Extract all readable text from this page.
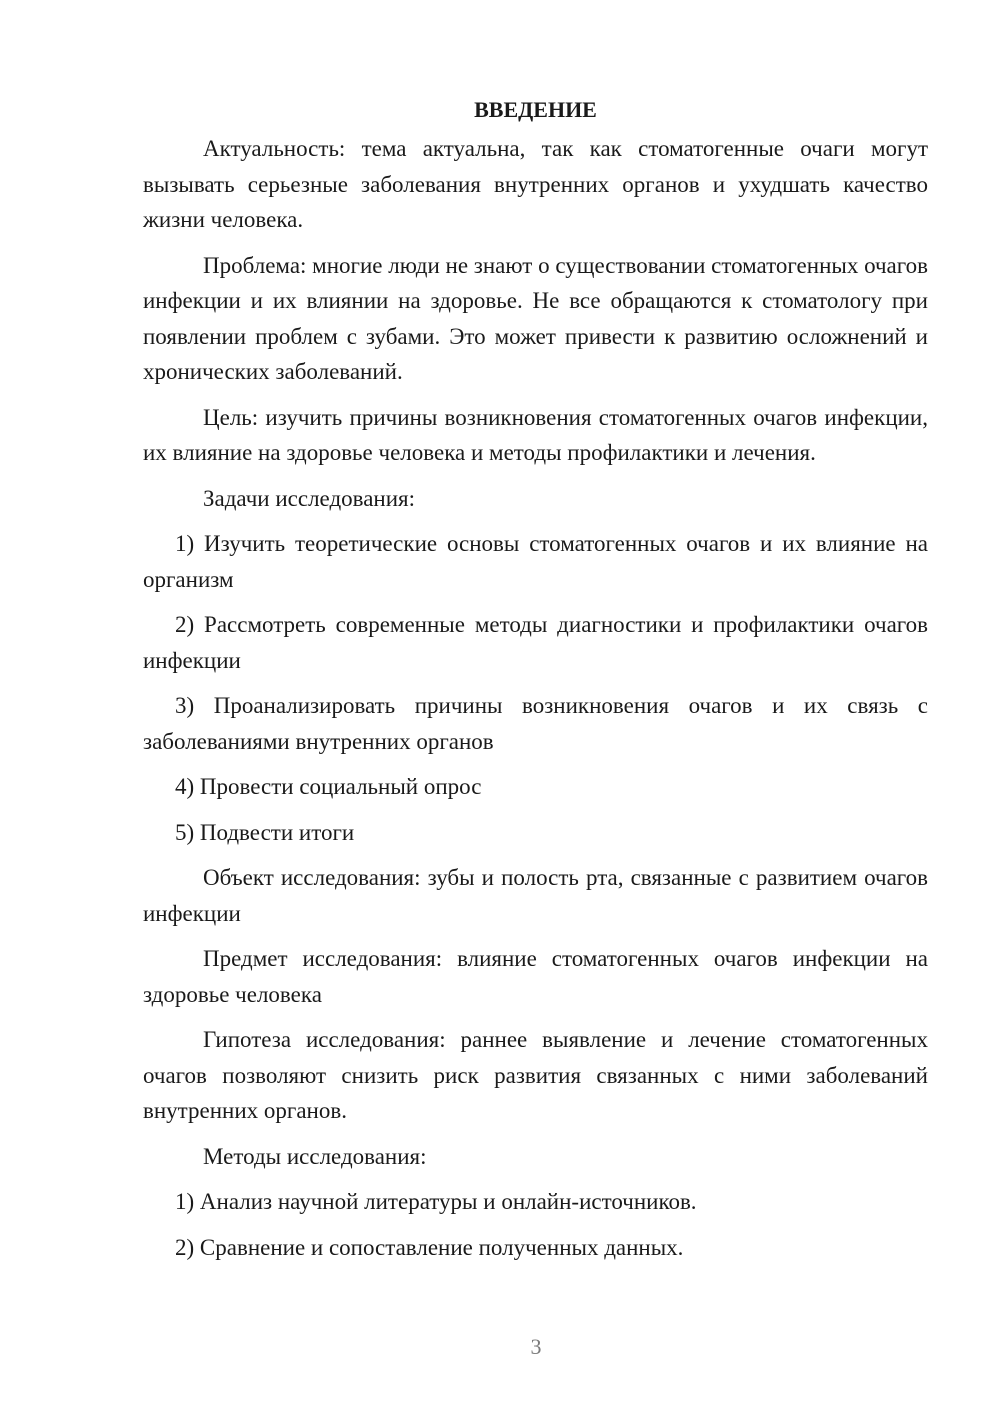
ВВЕДЕНИЕ

Актуальность: тема актуальна, так как стоматогенные очаги могут вызывать серьезные заболевания внутренних органов и ухудшать качество жизни человека.

Проблема: многие люди не знают о существовании стоматогенных очагов инфекции и их влиянии на здоровье. Не все обращаются к стоматологу при появлении проблем с зубами. Это может привести к развитию осложнений и хронических заболеваний.

Цель: изучить причины возникновения стоматогенных очагов инфекции, их влияние на здоровье человека и методы профилактики и лечения.

Задачи исследования:

1) Изучить теоретические основы стоматогенных очагов и их влияние на организм

2) Рассмотреть современные методы диагностики и профилактики очагов инфекции

3) Проанализировать причины возникновения очагов и их связь с заболеваниями внутренних органов

4) Провести социальный опрос

5) Подвести итоги

Объект исследования: зубы и полость рта, связанные с развитием очагов инфекции

Предмет исследования: влияние стоматогенных очагов инфекции на здоровье человека

Гипотеза исследования: раннее выявление и лечение стоматогенных очагов позволяют снизить риск развития связанных с ними заболеваний внутренних органов.

Методы исследования:

1) Анализ научной литературы и онлайн-источников.

2) Сравнение и сопоставление полученных данных.

3
